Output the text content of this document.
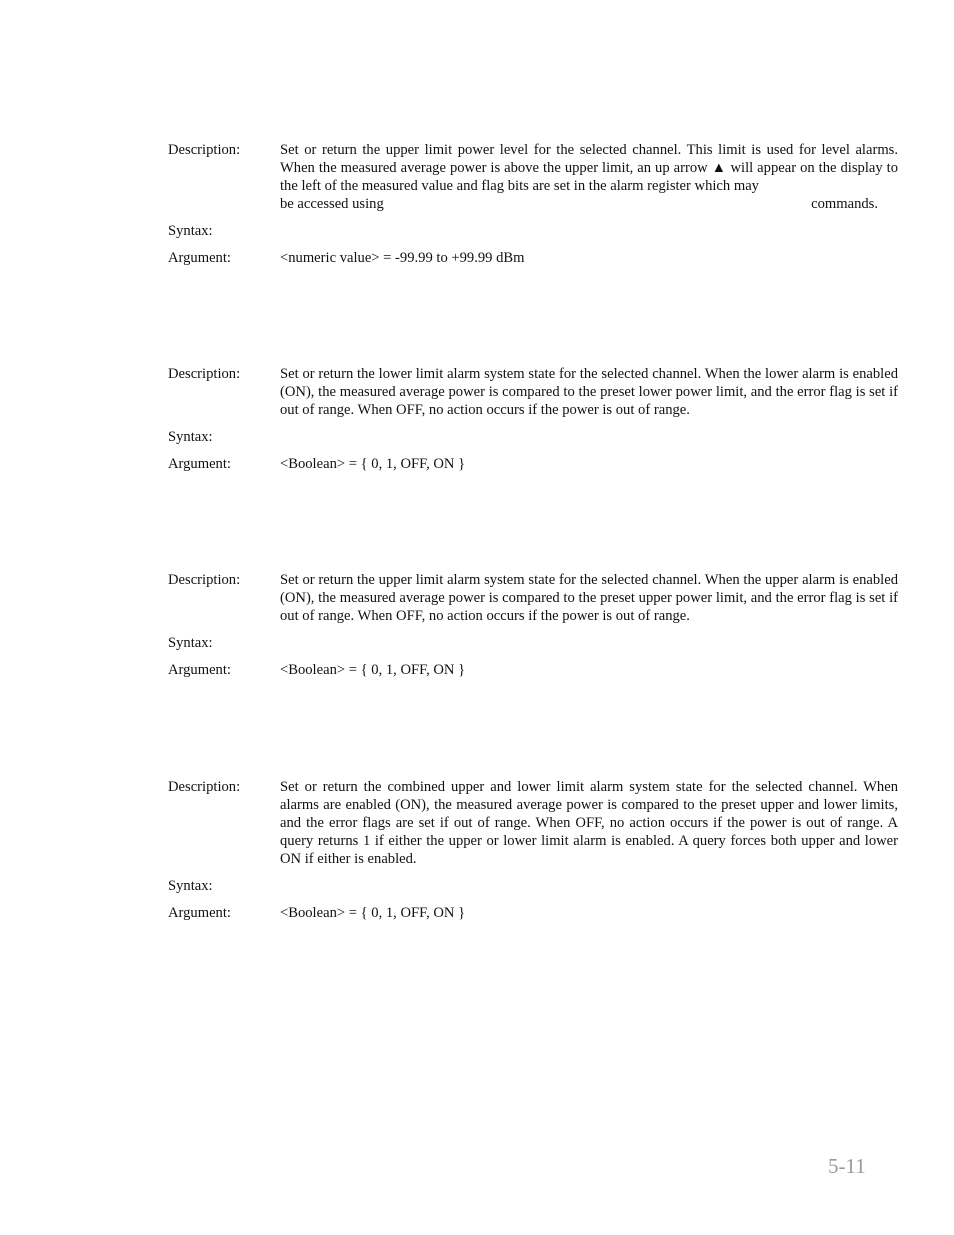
Description:	Set or return the upper limit power level for the selected channel. This limit is used for level alarms. When the measured average power is above the upper limit, an up arrow ▲ will appear on the display to the left of the measured value and flag bits are set in the alarm register which may
be accessed using	commands.
Syntax:

Argument:	<numeric value> = -99.99 to +99.99 dBm
Description:	Set or return the lower limit alarm system state for the selected channel. When the lower alarm is enabled (ON), the measured average power is compared to the preset lower power limit, and the error flag is set if out of range. When OFF, no action occurs if the power is out of range.
Syntax:

Argument:	<Boolean> = { 0, 1, OFF, ON }
Description:	Set or return the upper limit alarm system state for the selected channel. When the upper alarm is enabled (ON), the measured average power is compared to the preset upper power limit, and the error flag is set if out of range. When OFF, no action occurs if the power is out of range.
Syntax:

Argument:	<Boolean> = { 0, 1, OFF, ON }
Description:	Set or return the combined upper and lower limit alarm system state for the selected channel. When alarms are enabled (ON), the measured average power is compared to the preset upper and lower limits, and the error flags are set if out of range. When OFF, no action occurs if the power is out of range. A query returns 1 if either the upper or lower limit alarm is enabled. A query forces both upper and lower ON if either is enabled.
Syntax:

Argument:	<Boolean> = { 0, 1, OFF, ON }
5-11
